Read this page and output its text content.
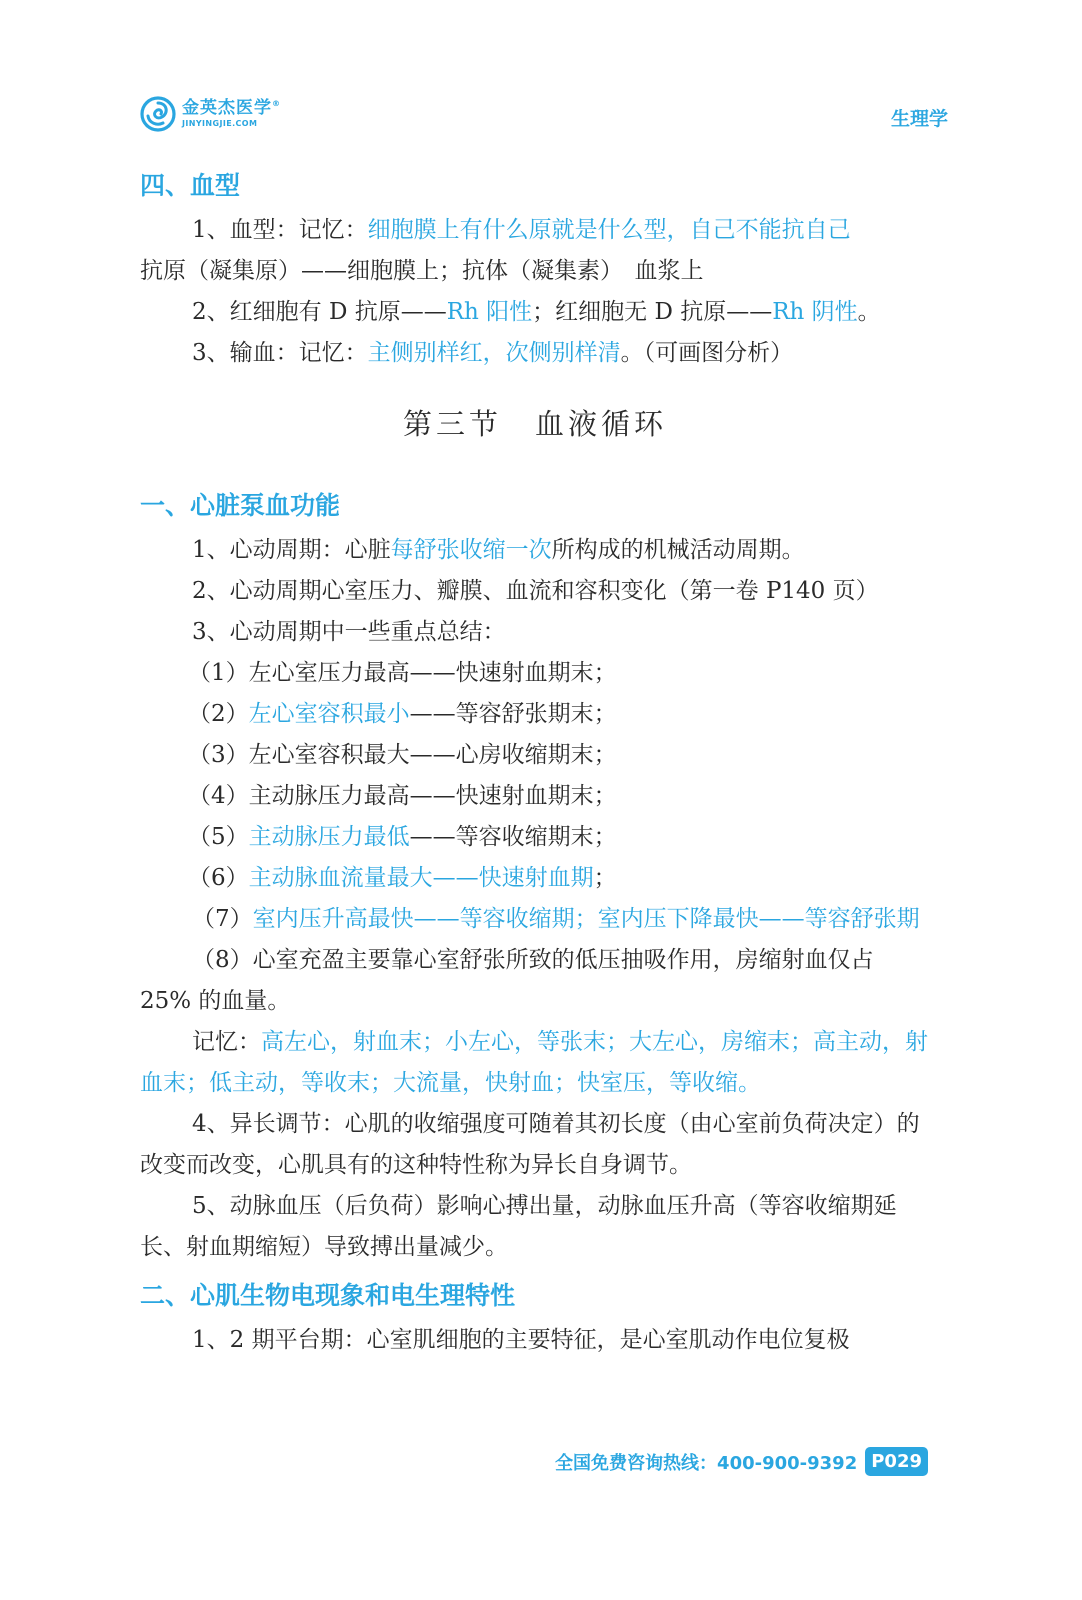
金英杰医学®
JINYINGJIE.COM	生理学
四、血型
1、血型：记忆：细胞膜上有什么原就是什么型，自己不能抗自己
抗原（凝集原）——细胞膜上；抗体（凝集素）　血浆上
2、红细胞有 D 抗原——Rh 阳性；红细胞无 D 抗原——Rh 阴性。
3、输血：记忆：主侧别样红，次侧别样清。（可画图分析）
第三节　血液循环
一、心脏泵血功能
1、心动周期：心脏每舒张收缩一次所构成的机械活动周期。
2、心动周期心室压力、瓣膜、血流和容积变化（第一卷 P140 页）
3、心动周期中一些重点总结：
（1）左心室压力最高——快速射血期末；
（2）左心室容积最小——等容舒张期末；
（3）左心室容积最大——心房收缩期末；
（4）主动脉压力最高——快速射血期末；
（5）主动脉压力最低——等容收缩期末；
（6）主动脉血流量最大——快速射血期；
（7）室内压升高最快——等容收缩期；室内压下降最快——等容舒张期
（8）心室充盈主要靠心室舒张所致的低压抽吸作用，房缩射血仅占 25% 的血量。
记忆：高左心，射血末；小左心，等张末；大左心，房缩末；高主动，射血末；低主动，等收末；大流量，快射血；快室压，等收缩。
4、异长调节：心肌的收缩强度可随着其初长度（由心室前负荷决定）的改变而改变，心肌具有的这种特性称为异长自身调节。
5、动脉血压（后负荷）影响心搏出量，动脉血压升高（等容收缩期延长、射血期缩短）导致搏出量减少。
二、心肌生物电现象和电生理特性
1、2 期平台期：心室肌细胞的主要特征，是心室肌动作电位复极
全国免费咨询热线：400-900-9392 P029
